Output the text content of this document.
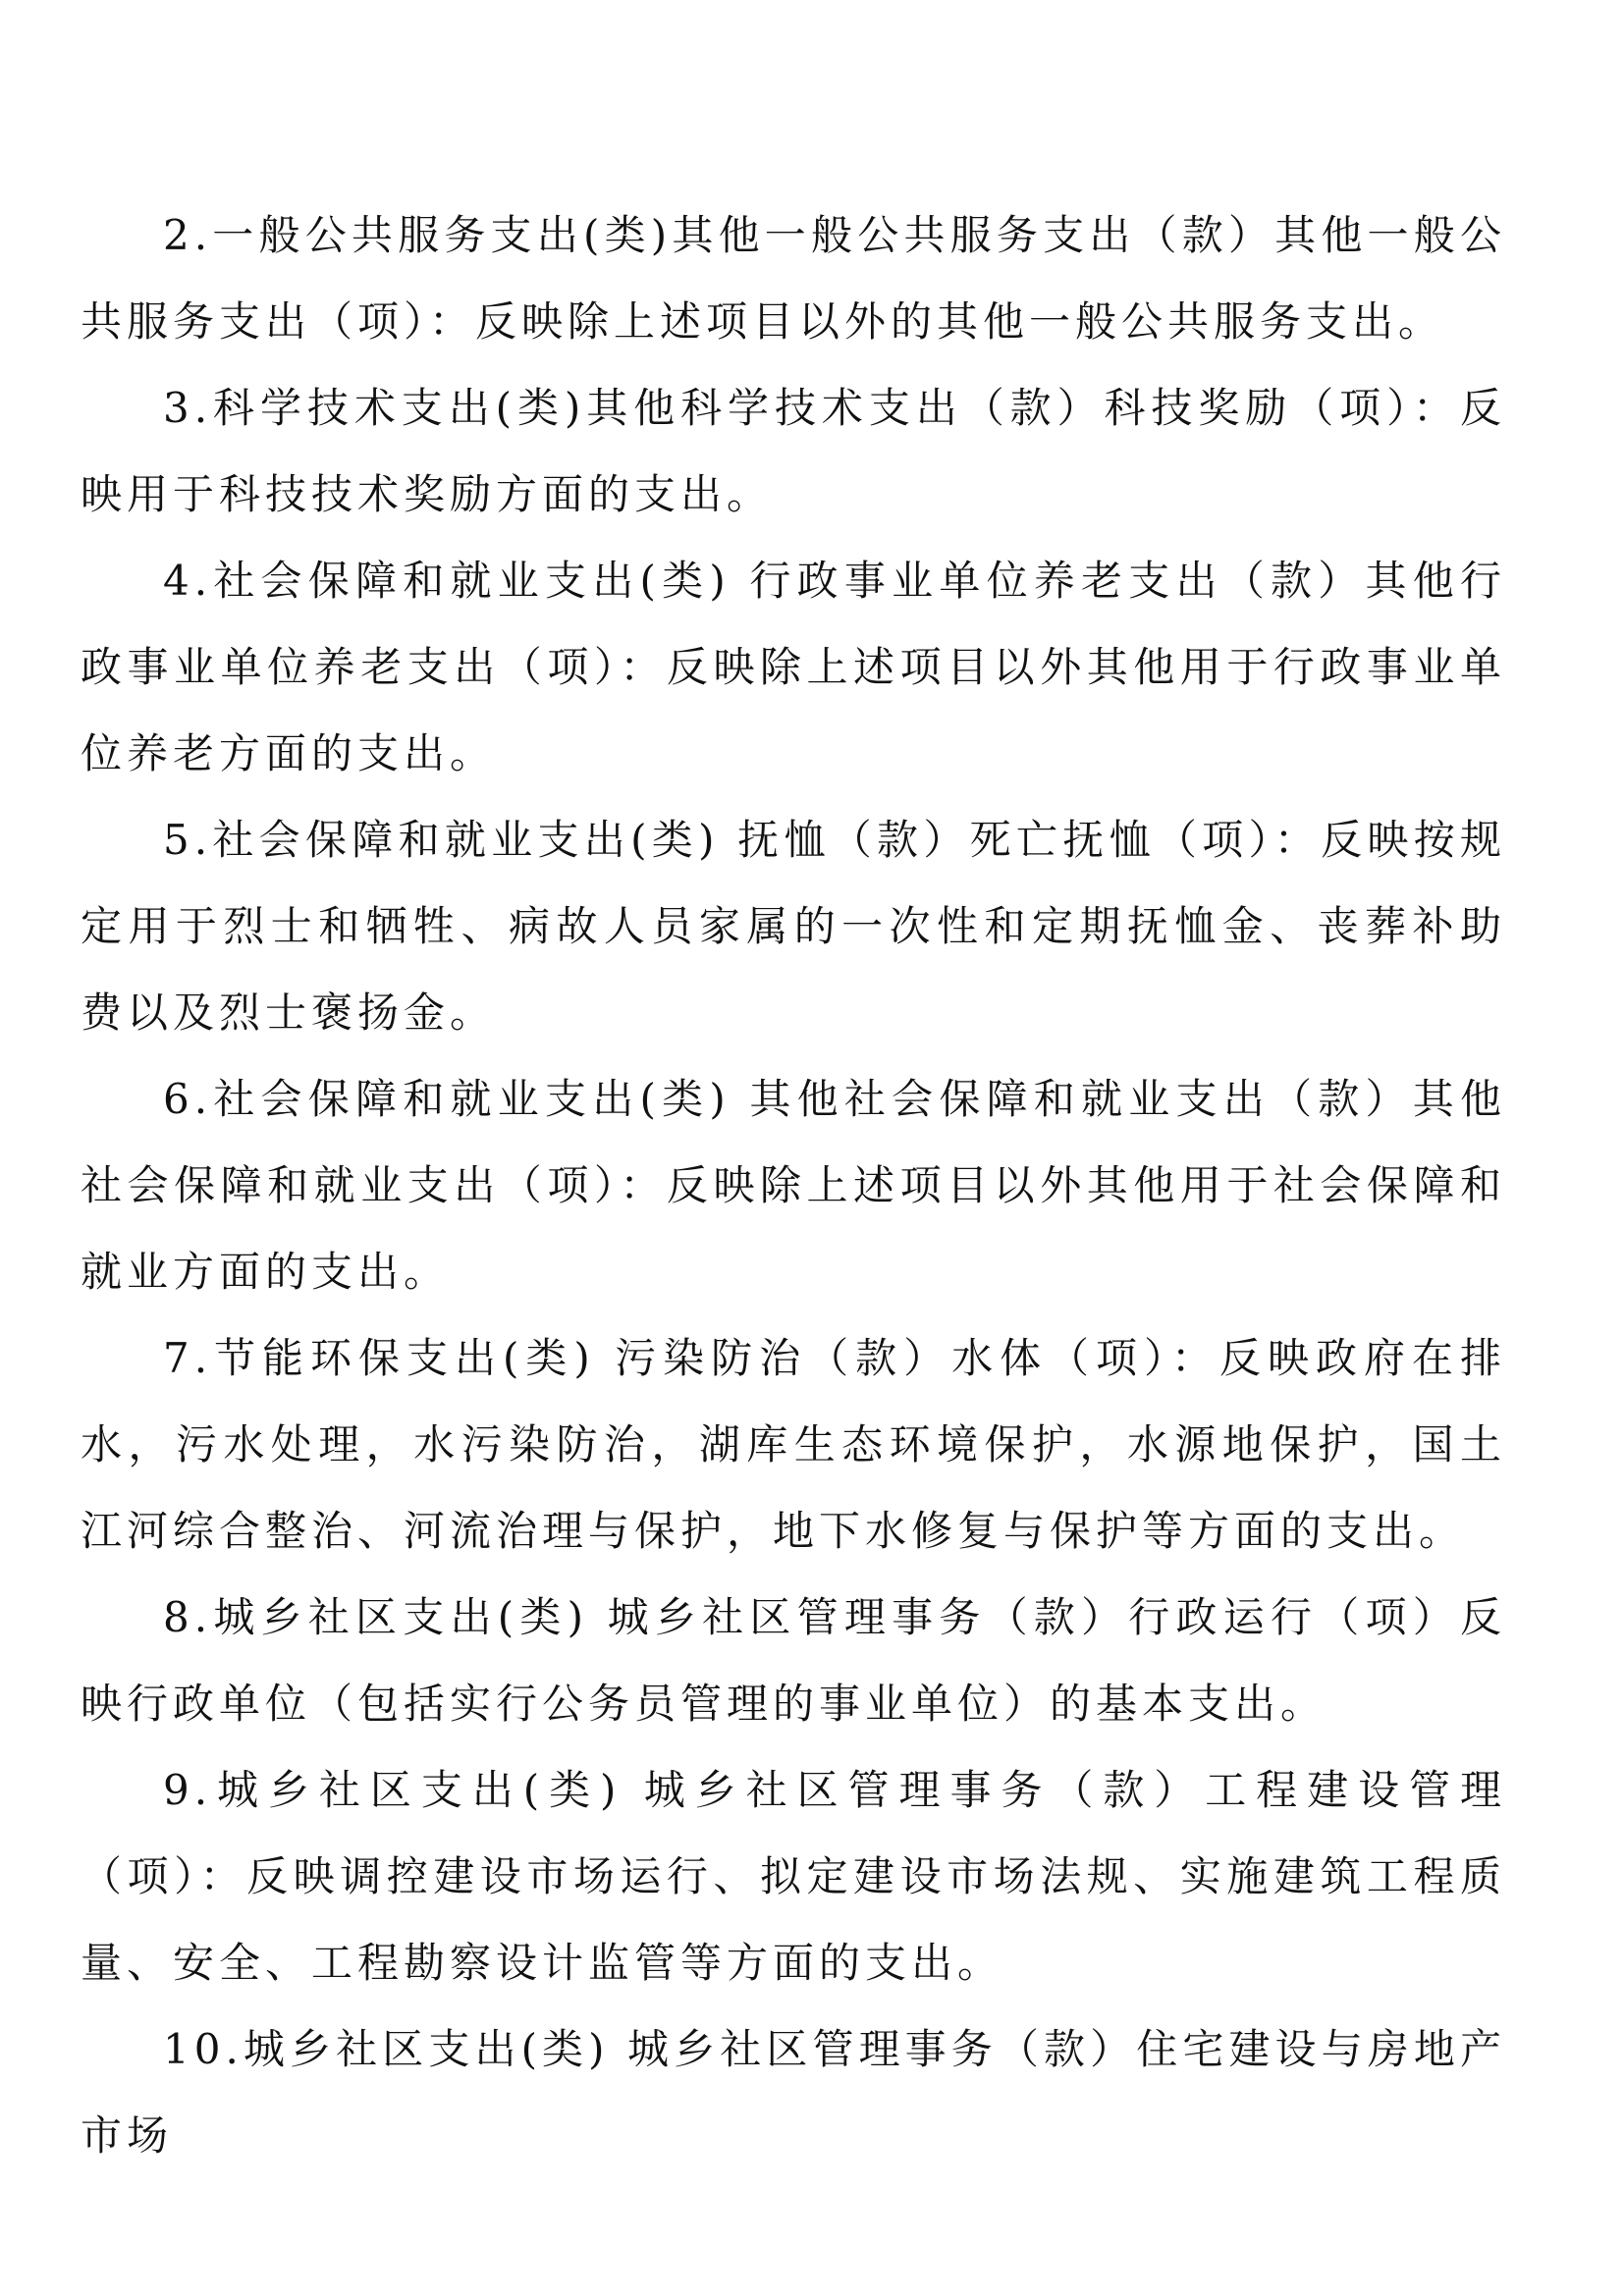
2.一般公共服务支出(类)其他一般公共服务支出（款）其他一般公共服务支出（项）：反映除上述项目以外的其他一般公共服务支出。

3.科学技术支出(类)其他科学技术支出（款）科技奖励（项）：反映用于科技技术奖励方面的支出。

4.社会保障和就业支出(类) 行政事业单位养老支出（款）其他行政事业单位养老支出（项）：反映除上述项目以外其他用于行政事业单位养老方面的支出。

5.社会保障和就业支出(类) 抚恤（款）死亡抚恤（项）：反映按规定用于烈士和牺牲、病故人员家属的一次性和定期抚恤金、丧葬补助费以及烈士褒扬金。

6.社会保障和就业支出(类) 其他社会保障和就业支出（款）其他社会保障和就业支出（项）：反映除上述项目以外其他用于社会保障和就业方面的支出。

7.节能环保支出(类) 污染防治（款）水体（项）：反映政府在排水，污水处理，水污染防治，湖库生态环境保护，水源地保护，国土江河综合整治、河流治理与保护，地下水修复与保护等方面的支出。

8.城乡社区支出(类) 城乡社区管理事务（款）行政运行（项）反映行政单位（包括实行公务员管理的事业单位）的基本支出。

9.城乡社区支出(类) 城乡社区管理事务（款）工程建设管理（项）：反映调控建设市场运行、拟定建设市场法规、实施建筑工程质量、安全、工程勘察设计监管等方面的支出。

10.城乡社区支出(类) 城乡社区管理事务（款）住宅建设与房地产市场
